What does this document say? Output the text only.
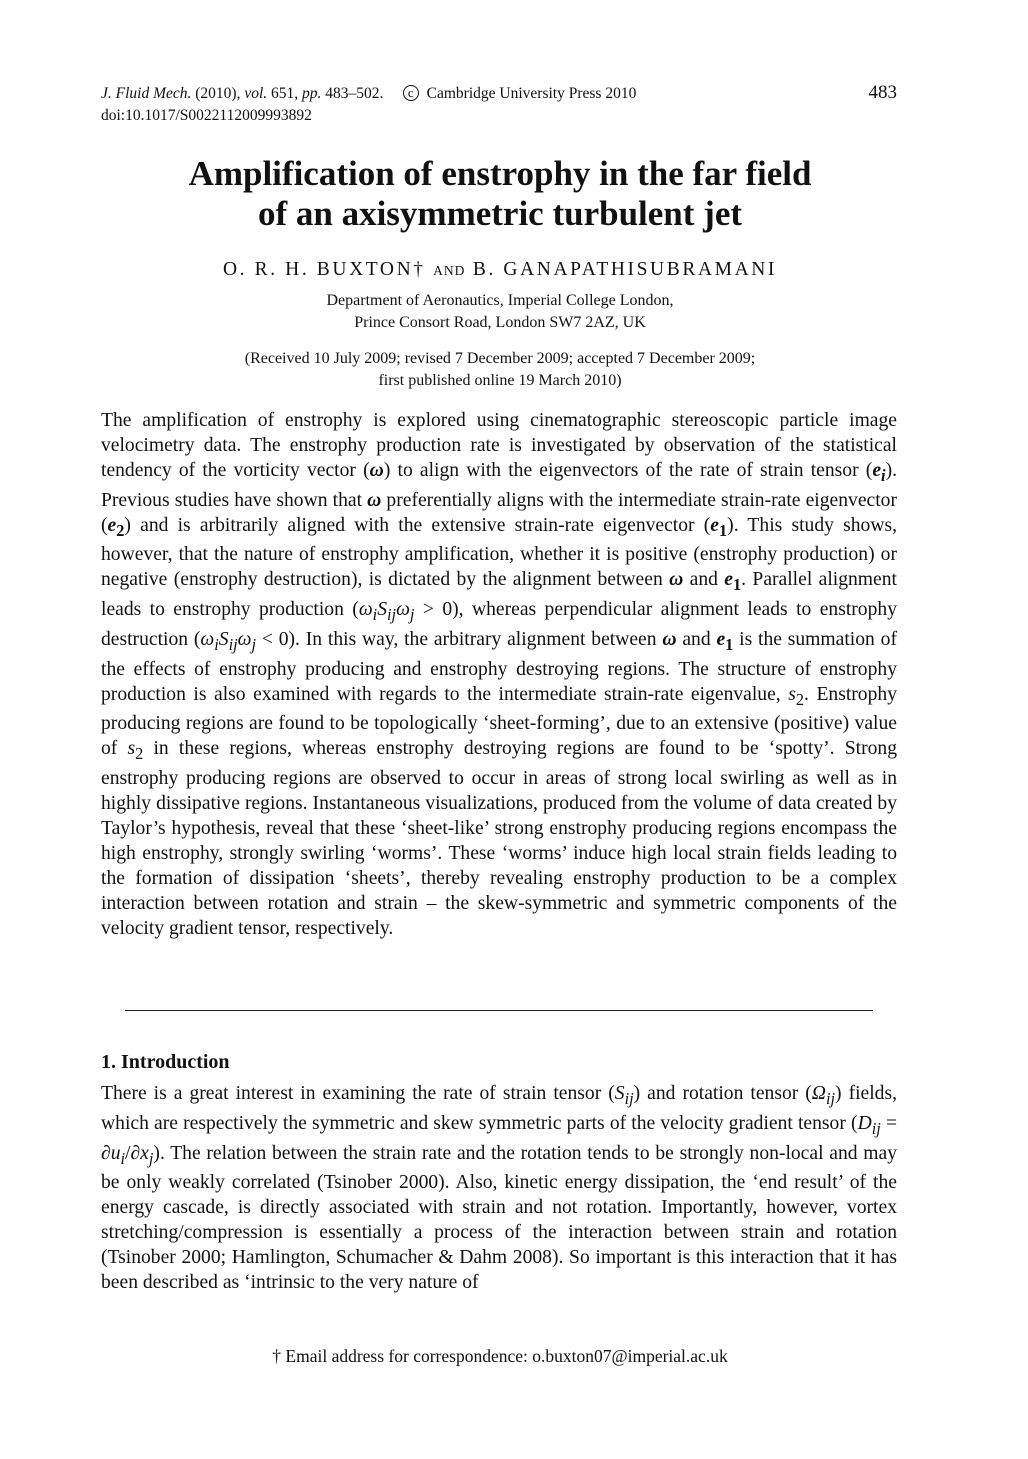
J. Fluid Mech. (2010), vol. 651, pp. 483–502. c Cambridge University Press 2010
doi:10.1017/S0022112009993892
483
Amplification of enstrophy in the far field
of an axisymmetric turbulent jet
O. R. H. BUXTON† AND B. GANAPATHISUBRAMANI
Department of Aeronautics, Imperial College London,
Prince Consort Road, London SW7 2AZ, UK
(Received 10 July 2009; revised 7 December 2009; accepted 7 December 2009;
first published online 19 March 2010)

The amplification of enstrophy is explored using cinematographic stereoscopic particle image velocimetry data. The enstrophy production rate is investigated by observation of the statistical tendency of the vorticity vector (ω) to align with the eigenvectors of the rate of strain tensor $(e_i)$. Previous studies have shown that ω preferentially aligns with the intermediate strain-rate eigenvector $(e_2)$ and is arbitrarily aligned with the extensive strain-rate eigenvector $(e_1)$. This study shows, however, that the nature of enstrophy amplification, whether it is positive (enstrophy production) or negative (enstrophy destruction), is dictated by the alignment between ω and $e_1$. Parallel alignment leads to enstrophy production $(\omega_iS_{ij}\omega_j > 0)$, whereas perpendicular alignment leads to enstrophy destruction $(\omega_iS_{ij}\omega_j < 0)$. In this way, the arbitrary alignment between ω and $e_1$ is the summation of the effects of enstrophy producing and enstrophy destroying regions. The structure of enstrophy production is also examined with regards to the intermediate strain-rate eigenvalue, $s_2$. Enstrophy producing regions are found to be topologically ‘sheet-forming’, due to an extensive (positive) value of $s_2$ in these regions, whereas enstrophy destroying regions are found to be ‘spotty’. Strong enstrophy producing regions are observed to occur in areas of strong local swirling as well as in highly dissipative regions. Instantaneous visualizations, produced from the volume of data created by Taylor’s hypothesis, reveal that these ‘sheet-like’ strong enstrophy producing regions encompass the high enstrophy, strongly swirling ‘worms’. These ‘worms’ induce high local strain fields leading to the formation of dissipation ‘sheets’, thereby revealing enstrophy production to be a complex interaction between rotation and strain – the skew-symmetric and symmetric components of the velocity gradient tensor, respectively.

1. Introduction

There is a great interest in examining the rate of strain tensor $(S_{ij})$ and rotation tensor $(\Omega_{ij})$ fields, which are respectively the symmetric and skew symmetric parts of the velocity gradient tensor $(D_{ij} = \partial u_i/\partial x_j)$. The relation between the strain rate and the rotation tends to be strongly non-local and may be only weakly correlated (Tsinober 2000). Also, kinetic energy dissipation, the ‘end result’ of the energy cascade, is directly associated with strain and not rotation. Importantly, however, vortex stretching/compression is essentially a process of the interaction between strain and rotation (Tsinober 2000; Hamlington, Schumacher & Dahm 2008). So important is this interaction that it has been described as ‘intrinsic to the very nature of

† Email address for correspondence: o.buxton07@imperial.ac.uk
